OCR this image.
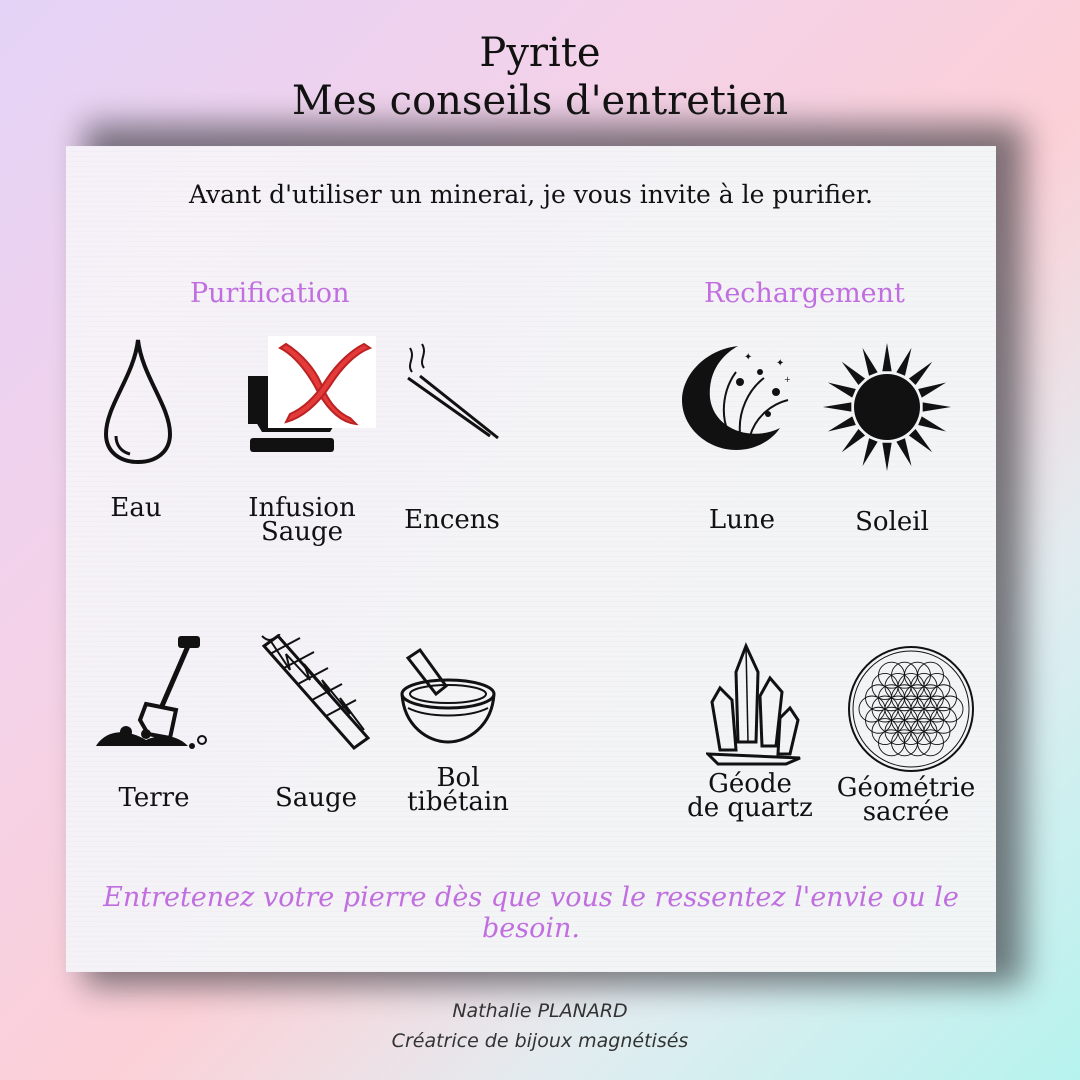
Pyrite
Mes conseils d'entretien
Avant d'utiliser un minerai, je vous invite à le purifier.
Purification	Rechargement
Eau	Infusion
Sauge	Encens
Terre	Sauge
Bol
tibétain
✦
✦
+
Lune	Soleil
Géode
de quartz
Géométrie
sacrée
Entretenez votre pierre dès que vous le ressentez l'envie ou le besoin.
Nathalie PLANARD
Créatrice de bijoux magnétisés
